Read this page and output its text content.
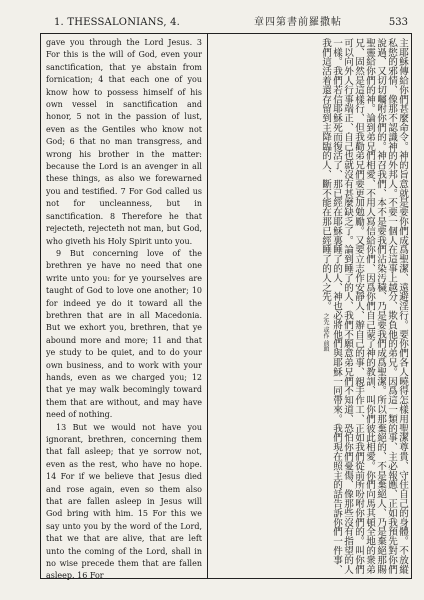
1. THESSALONIANS, 4.	章四第書前羅撒帖	533

gave you through the Lord Jesus. 3 For this is the will of God, even your sanctification, that ye abstain from fornication; 4 that each one of you know how to possess himself of his own vessel in sanctification and honor, 5 not in the passion of lust, even as the Gentiles who know not God; 6 that no man transgress, and wrong his brother in the matter: because the Lord is an avenger in all these things, as also we forewarned you and testified. 7 For God called us not for uncleanness, but in sanctification. 8 Therefore he that rejecteth, rejecteth not man, but God, who giveth his Holy Spirit unto you.

9 But concerning love of the brethren ye have no need that one write unto you: for ye yourselves are taught of God to love one another; 10 for indeed ye do it toward all the brethren that are in all Macedonia. But we exhort you, brethren, that ye abound more and more; 11 and that ye study to be quiet, and to do your own business, and to work with your hands, even as we charged you; 12 that ye may walk becomingly toward them that are without, and may have need of nothing.

13 But we would not have you ignorant, brethren, concerning them that fall asleep; that ye sorrow not, even as the rest, who have no hope. 14 For if we believe that Jesus died and rose again, even so them also that are fallen asleep in Jesus will God bring with him. 15 For this we say unto you by the word of the Lord, that we that are alive, that are left unto the coming of the Lord, shall in no wise precede them that are fallen asleep. 16 For

主耶穌傳給你們甚麼命令。神的旨意就是要你們成爲聖潔、遠避淫行。要你們各人曉得怎樣用聖潔尊貴、守住自己的身體。不放縱私慾的邪情、像那不認識神的外邦人。不要一個人在這事上越分、欺負他的弟兄。因爲這一類的事、主必報應、正如我預先對你們說過、又切切囑咐你們的。神召我們、本不是要我們沾染汚穢、乃是要我們成爲聖潔。所以那棄絕的、不是棄絕人、乃是棄絕那賜聖靈給你們的神。論到弟兄們相愛、不用人寫信給你們、因爲你們自己蒙了神的教訓、叫你們彼此相愛。你們向馬其頓全地的衆弟兄、固然是這樣行、但我勸弟兄們要更加勉勵。又要立志作安靜人、辦自己的事、親手作工、正如我們從前所吩咐你們的。叫你們可以向外人行事端正、自己也就沒有甚麼缺乏了。論到睡了的人、我們不願意弟兄們不知道、恐怕你們憂傷、像那些沒有指望的人一樣。我們若信耶穌死而復活了、那已經在耶穌裏睡了的人、神也必將他們與耶穌一同帶來。我們現在照主的話告訴你們一件事、我們這活着還存留到主降臨的人、斷不能在那已經睡了的人之先。 之先 或作 前頭
